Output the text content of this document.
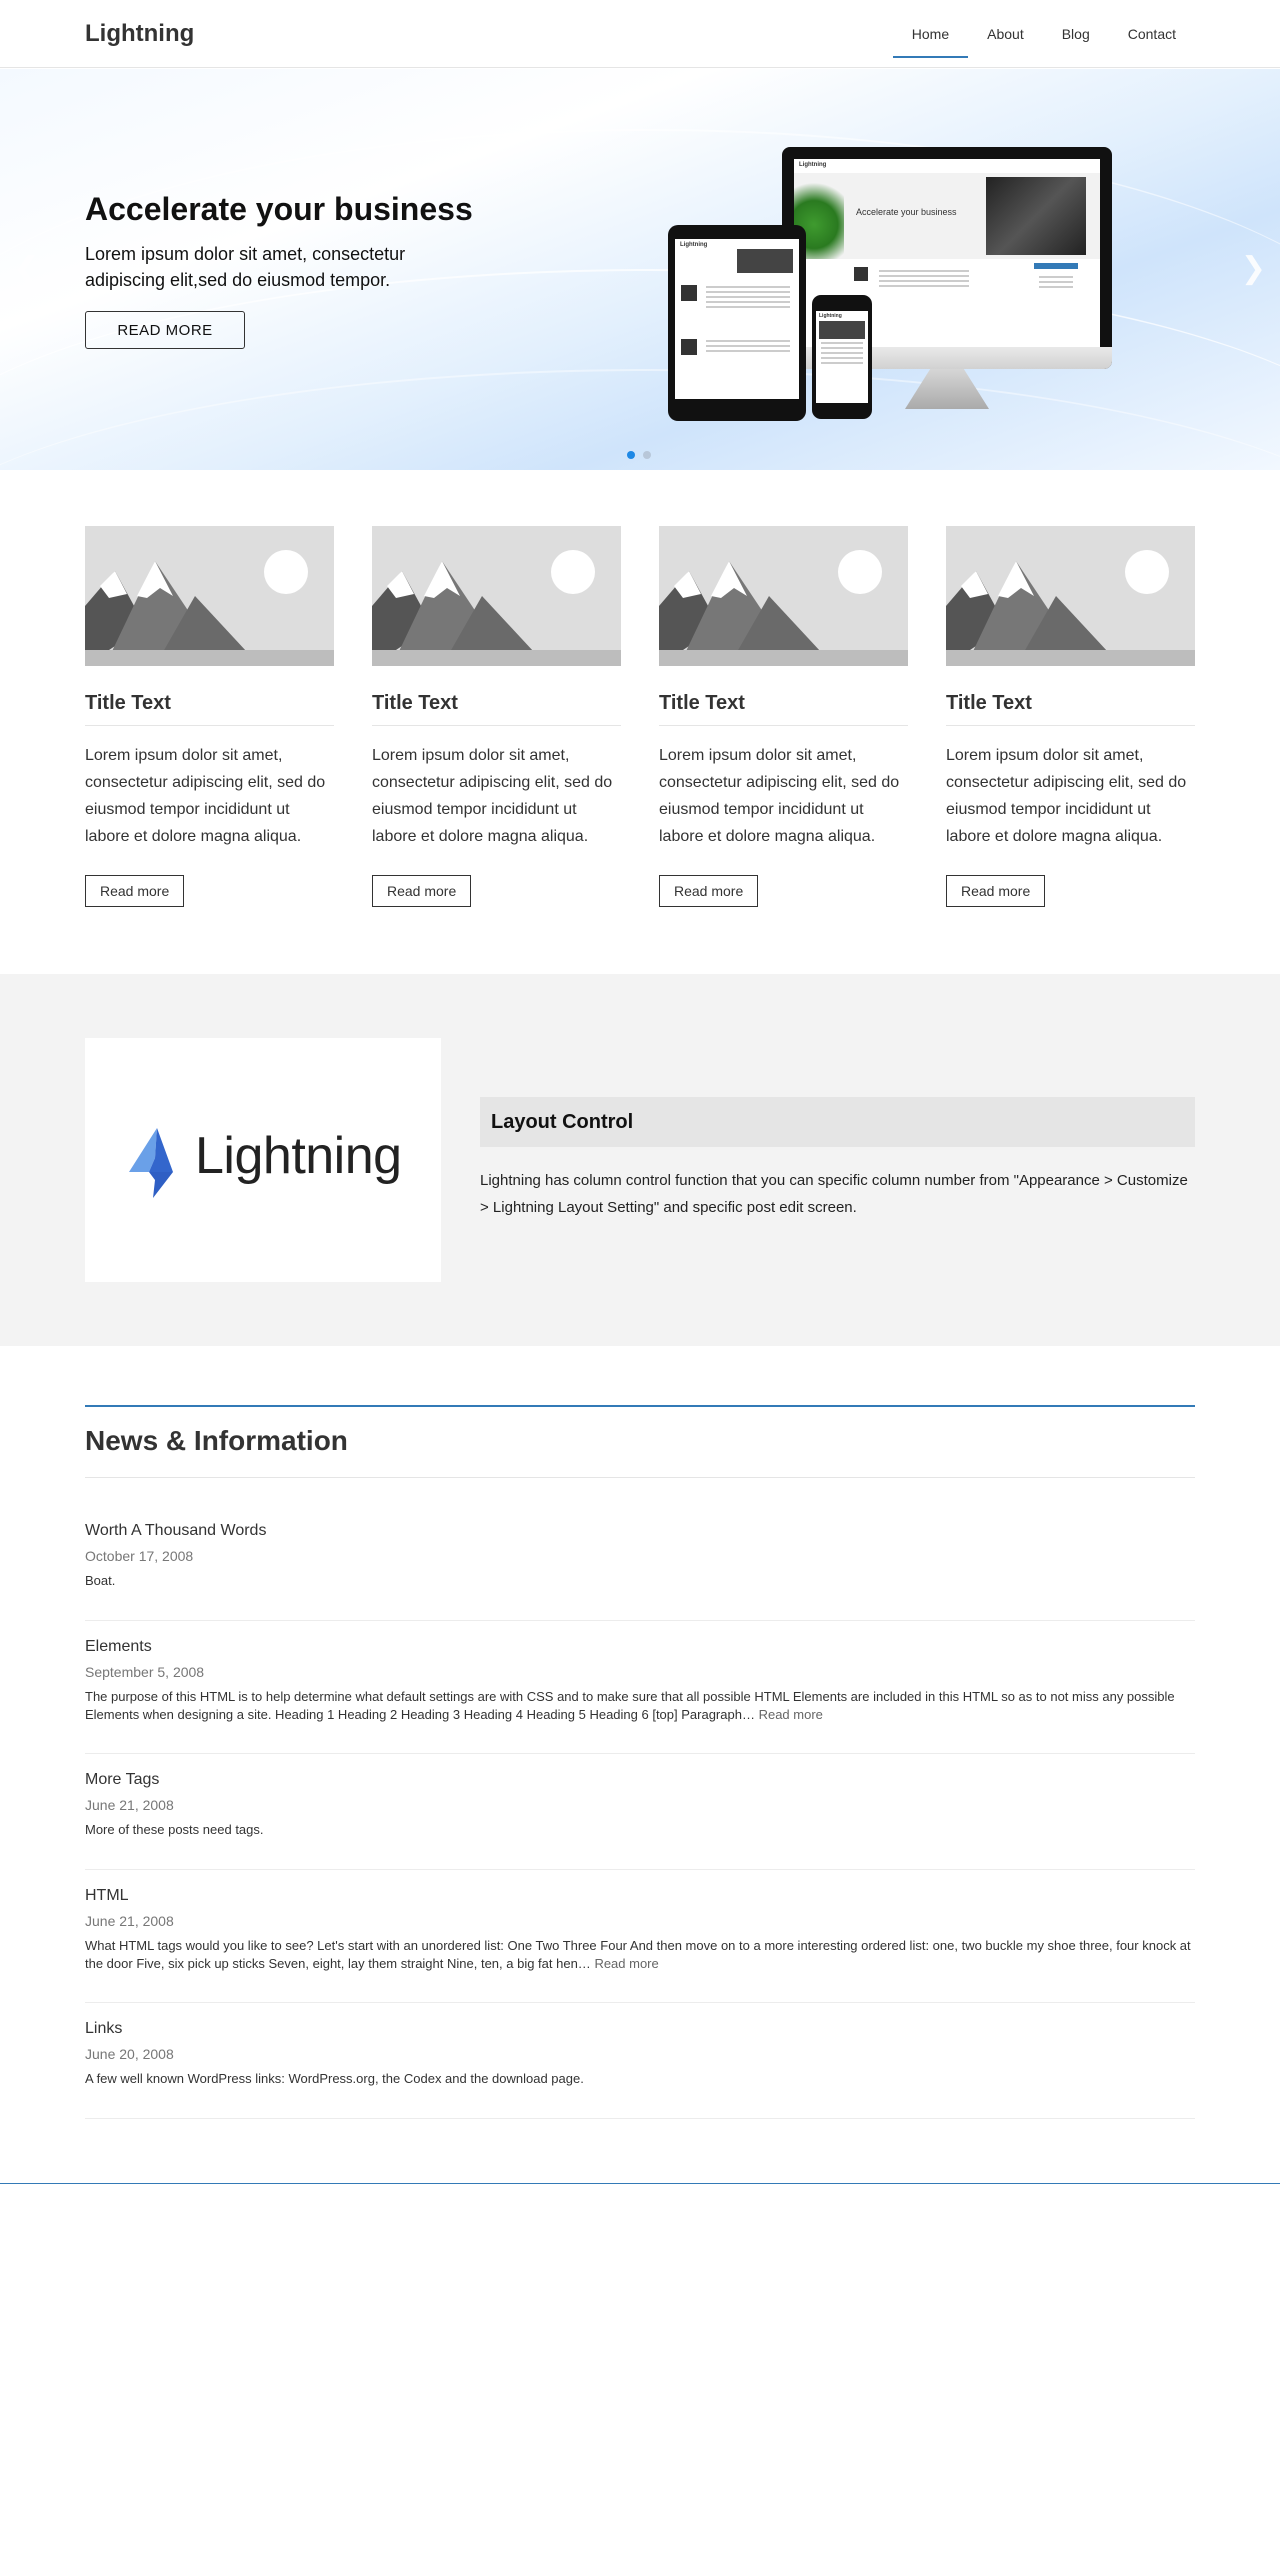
Lightning	Home	About	Blog	Contact
❮	❯
Accelerate your business

Lorem ipsum dolor sit amet, consectetur adipiscing elit,sed do eiusmod tempor.

READ MORE
Lightning
Accelerate your business
Lightning
Lightning
Title Text

Lorem ipsum dolor sit amet, consectetur adipiscing elit, sed do eiusmod tempor incididunt ut labore et dolore magna aliqua.

Read more
Title Text

Lorem ipsum dolor sit amet, consectetur adipiscing elit, sed do eiusmod tempor incididunt ut labore et dolore magna aliqua.

Read more
Title Text

Lorem ipsum dolor sit amet, consectetur adipiscing elit, sed do eiusmod tempor incididunt ut labore et dolore magna aliqua.

Read more
Title Text

Lorem ipsum dolor sit amet, consectetur adipiscing elit, sed do eiusmod tempor incididunt ut labore et dolore magna aliqua.

Read more
Lightning
Layout Control

Lightning has column control function that you can specific column number from "Appearance > Customize > Lightning Layout Setting" and specific post edit screen.

News & Information
Worth A Thousand Words
October 17, 2008
Boat.
Elements
September 5, 2008
The purpose of this HTML is to help determine what default settings are with CSS and to make sure that all possible HTML Elements are included in this HTML so as to not miss any possible Elements when designing a site. Heading 1 Heading 2 Heading 3 Heading 4 Heading 5 Heading 6 [top] Paragraph… Read more
More Tags
June 21, 2008
More of these posts need tags.
HTML
June 21, 2008
What HTML tags would you like to see? Let's start with an unordered list: One Two Three Four And then move on to a more interesting ordered list: one, two buckle my shoe three, four knock at the door Five, six pick up sticks Seven, eight, lay them straight Nine, ten, a big fat hen… Read more
Links
June 20, 2008
A few well known WordPress links: WordPress.org, the Codex and the download page.
